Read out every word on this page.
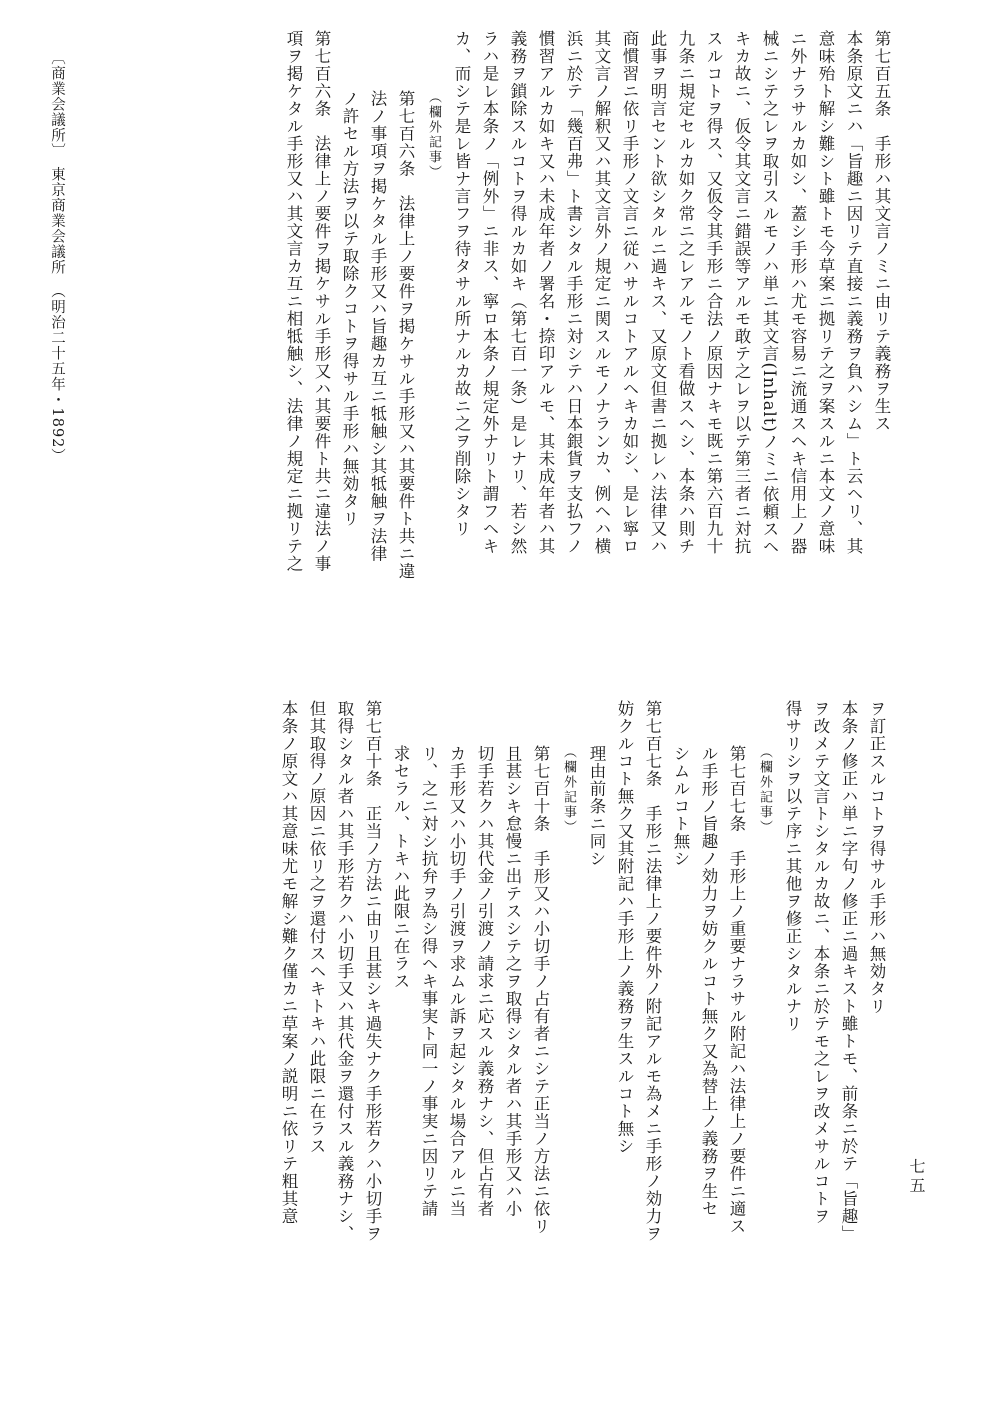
第七百五条　手形ハ其文言ノミニ由リテ義務ヲ生ス
本条原文ニハ「旨趣ニ因リテ直接ニ義務ヲ負ハシム」ト云ヘリ、其
意味殆ト解シ難シト雖トモ今草案ニ拠リテ之ヲ案スルニ本文ノ意味
ニ外ナラサルカ如シ、蓋シ手形ハ尤モ容易ニ流通スヘキ信用上ノ器
械ニシテ之レヲ取引スルモノハ単ニ其文言(Inhalt)ノミニ依頼スヘ
キカ故ニ、仮令其文言ニ錯誤等アルモ敢テ之レヲ以テ第三者ニ対抗
スルコトヲ得ス、又仮令其手形ニ合法ノ原因ナキモ既ニ第六百九十
九条ニ規定セルカ如ク常ニ之レアルモノト看做スヘシ、本条ハ則チ
此事ヲ明言セント欲シタルニ過キス、又原文但書ニ拠レハ法律又ハ
商慣習ニ依リ手形ノ文言ニ従ハサルコトアルヘキカ如シ、是レ寧ロ
其文言ノ解釈又ハ其文言外ノ規定ニ関スルモノナランカ、例ヘハ横
浜ニ於テ「幾百弗」ト書シタル手形ニ対シテハ日本銀貨ヲ支払フノ
慣習アルカ如キ又ハ未成年者ノ署名・捺印アルモ、其未成年者ハ其
義務ヲ鎖除スルコトヲ得ルカ如キ（第七百一条）是レナリ、若シ然
ラハ是レ本条ノ「例外」ニ非ス、寧ロ本条ノ規定外ナリト謂フヘキ
カ、而シテ是レ皆ナ言フヲ待タサル所ナルカ故ニ之ヲ削除シタリ
（欄外記事）
第七百六条　法律上ノ要件ヲ掲ケサル手形又ハ其要件ト共ニ違
法ノ事項ヲ掲ケタル手形又ハ旨趣カ互ニ牴触シ其牴触ヲ法律
ノ許セル方法ヲ以テ取除クコトヲ得サル手形ハ無効タリ
第七百六条　法律上ノ要件ヲ掲ケサル手形又ハ其要件ト共ニ違法ノ事
項ヲ掲ケタル手形又ハ其文言カ互ニ相牴触シ、法律ノ規定ニ拠リテ之
ヲ訂正スルコトヲ得サル手形ハ無効タリ
本条ノ修正ハ単ニ字句ノ修正ニ過キスト雖トモ、前条ニ於テ「旨趣」
ヲ改メテ文言トシタルカ故ニ、本条ニ於テモ之レヲ改メサルコトヲ
得サリシヲ以テ序ニ其他ヲ修正シタルナリ
（欄外記事）
第七百七条　手形上ノ重要ナラサル附記ハ法律上ノ要件ニ適ス
ル手形ノ旨趣ノ効力ヲ妨クルコト無ク又為替上ノ義務ヲ生セ
シムルコト無シ
第七百七条　手形ニ法律上ノ要件外ノ附記アルモ為メニ手形ノ効力ヲ
妨クルコト無ク又其附記ハ手形上ノ義務ヲ生スルコト無シ
理由前条ニ同シ
（欄外記事）
第七百十条　手形又ハ小切手ノ占有者ニシテ正当ノ方法ニ依リ
且甚シキ怠慢ニ出テスシテ之ヲ取得シタル者ハ其手形又ハ小
切手若クハ其代金ノ引渡ノ請求ニ応スル義務ナシ、但占有者
カ手形又ハ小切手ノ引渡ヲ求ムル訴ヲ起シタル場合アルニ当
リ、之ニ対シ抗弁ヲ為シ得ヘキ事実ト同一ノ事実ニ因リテ請
求セラル、トキハ此限ニ在ラス
第七百十条　正当ノ方法ニ由リ且甚シキ過失ナク手形若クハ小切手ヲ
取得シタル者ハ其手形若クハ小切手又ハ其代金ヲ還付スル義務ナシ、
但其取得ノ原因ニ依リ之ヲ還付スヘキトキハ此限ニ在ラス
本条ノ原文ハ其意味尤モ解シ難ク僅カニ草案ノ説明ニ依リテ粗其意
〔商業会議所〕　東京商業会議所　（明治二十五年・1892）
七五
